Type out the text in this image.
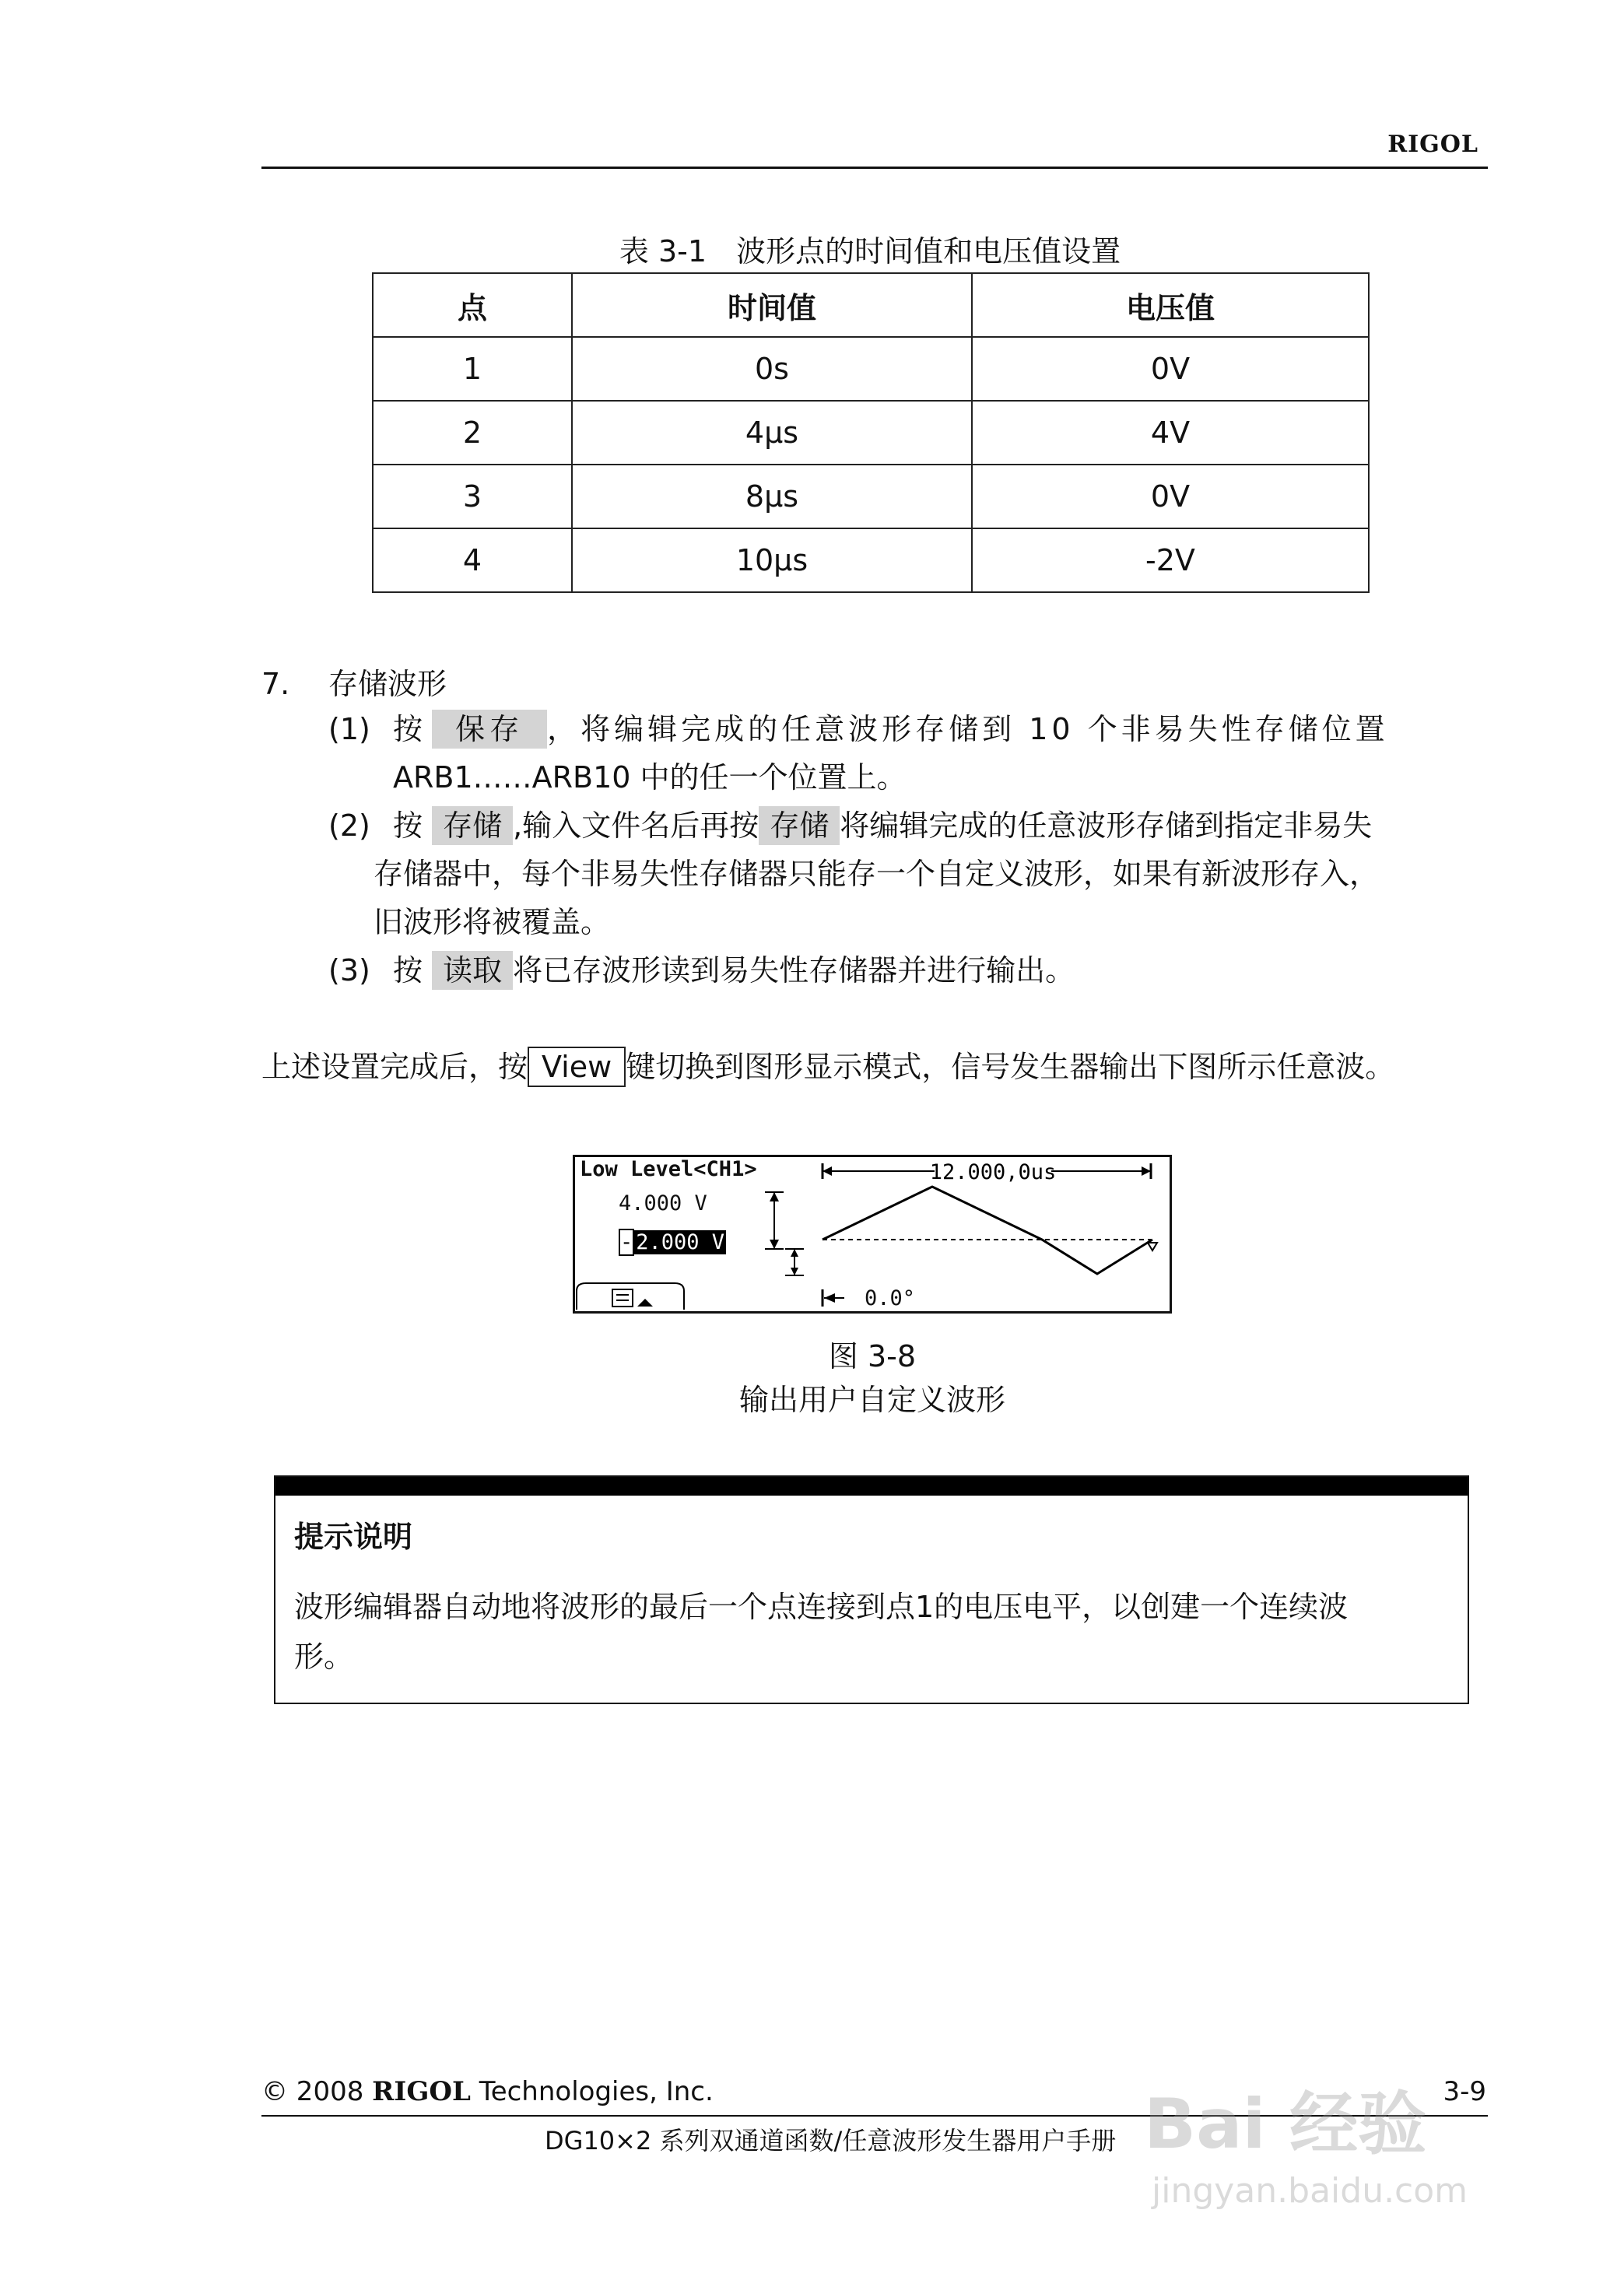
RIGOL
表 3-1　波形点的时间值和电压值设置
点	时间值	电压值
1	0s	0V
2	4μs	4V
3	8μs	0V
4	10μs	-2V
7. 存储波形
(1) 按 保存 ，将编辑完成的任意波形存储到 10 个非易失性存储位置
ARB1……ARB10 中的任一个位置上。
(2) 按 存储 ,输入文件名后再按 存储 将编辑完成的任意波形存储到指定非易失
存储器中，每个非易失性存储器只能存一个自定义波形，如果有新波形存入，
旧波形将被覆盖。
(3) 按 读取 将已存波形读到易失性存储器并进行输出。
上述设置完成后，按 View 键切换到图形显示模式，信号发生器输出下图所示任意波。
12.000,0us
Low Level<CH1>
4.000 V
- 2.000 V
0.0°
图 3-8
输出用户自定义波形
提示说明
波形编辑器自动地将波形的最后一个点连接到点1的电压电平，以创建一个连续波
形。
© 2008 RIGOL Technologies, Inc.	3-9
DG10×2 系列双通道函数/任意波形发生器用户手册 Bai 经验
jingyan.baidu.com
